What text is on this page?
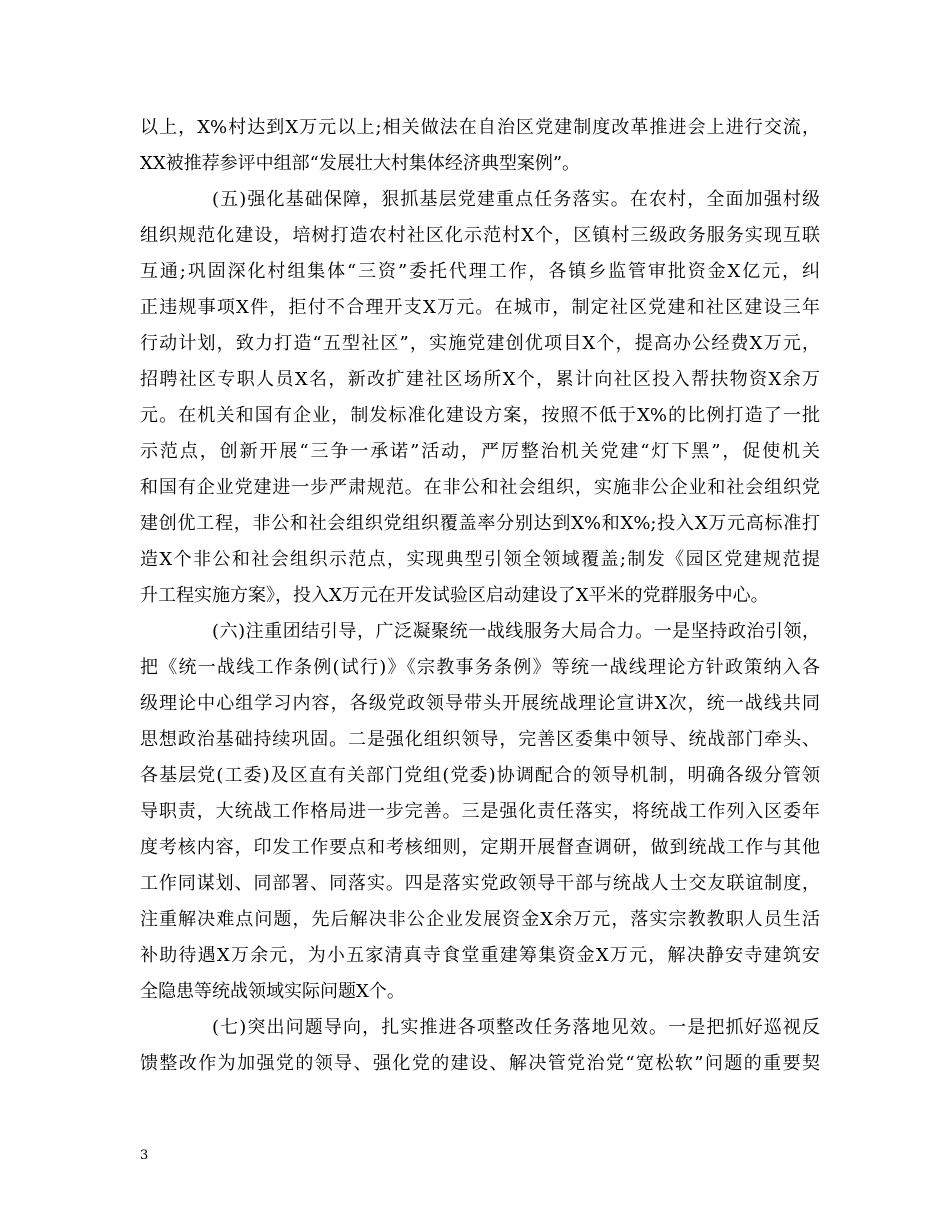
以上，X%村达到X万元以上;相关做法在自治区党建制度改革推进会上进行交流，
XX被推荐参评中组部“发展壮大村集体经济典型案例”。
(五)强化基础保障，狠抓基层党建重点任务落实。在农村，全面加强村级
组织规范化建设，培树打造农村社区化示范村X个，区镇村三级政务服务实现互联
互通;巩固深化村组集体“三资”委托代理工作，各镇乡监管审批资金X亿元，纠
正违规事项X件，拒付不合理开支X万元。在城市，制定社区党建和社区建设三年
行动计划，致力打造“五型社区”，实施党建创优项目X个，提高办公经费X万元，
招聘社区专职人员X名，新改扩建社区场所X个，累计向社区投入帮扶物资X余万
元。在机关和国有企业，制发标准化建设方案，按照不低于X%的比例打造了一批
示范点，创新开展“三争一承诺”活动，严厉整治机关党建“灯下黑”，促使机关
和国有企业党建进一步严肃规范。在非公和社会组织，实施非公企业和社会组织党
建创优工程，非公和社会组织党组织覆盖率分别达到X%和X%;投入X万元高标准打
造X个非公和社会组织示范点，实现典型引领全领域覆盖;制发《园区党建规范提
升工程实施方案》，投入X万元在开发试验区启动建设了X平米的党群服务中心。
(六)注重团结引导，广泛凝聚统一战线服务大局合力。一是坚持政治引领，
把《统一战线工作条例(试行)》《宗教事务条例》等统一战线理论方针政策纳入各
级理论中心组学习内容，各级党政领导带头开展统战理论宣讲X次，统一战线共同
思想政治基础持续巩固。二是强化组织领导，完善区委集中领导、统战部门牵头、
各基层党(工委)及区直有关部门党组(党委)协调配合的领导机制，明确各级分管领
导职责，大统战工作格局进一步完善。三是强化责任落实，将统战工作列入区委年
度考核内容，印发工作要点和考核细则，定期开展督查调研，做到统战工作与其他
工作同谋划、同部署、同落实。四是落实党政领导干部与统战人士交友联谊制度，
注重解决难点问题，先后解决非公企业发展资金X余万元，落实宗教教职人员生活
补助待遇X万余元，为小五家清真寺食堂重建筹集资金X万元，解决静安寺建筑安
全隐患等统战领域实际问题X个。
(七)突出问题导向，扎实推进各项整改任务落地见效。一是把抓好巡视反
馈整改作为加强党的领导、强化党的建设、解决管党治党“宽松软”问题的重要契
3
